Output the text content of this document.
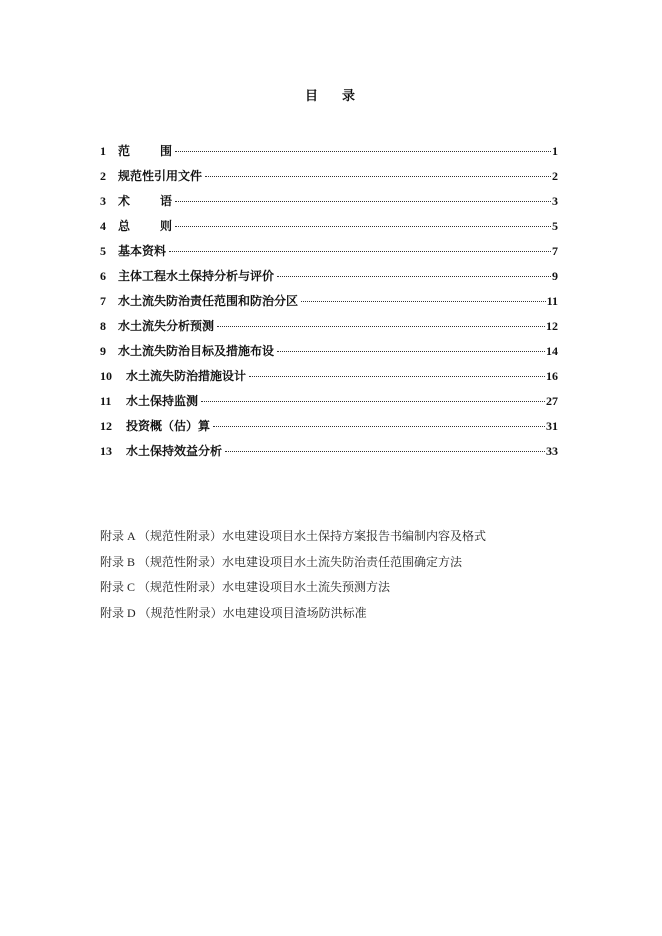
目 录
1	范	围	1
2	规范性引用文件	2
3	术	语	3
4	总	则	5
5	基本资料	7
6	主体工程水土保持分析与评价	9
7	水土流失防治责任范围和防治分区	11
8	水土流失分析预测	12
9	水土流失防治目标及措施布设	14
10	水土流失防治措施设计	16
11	水土保持监测	27
12	投资概（估）算	31
13	水土保持效益分析	33
附录 A （规范性附录）水电建设项目水土保持方案报告书编制内容及格式
附录 B （规范性附录）水电建设项目水土流失防治责任范围确定方法
附录 C （规范性附录）水电建设项目水土流失预测方法
附录 D （规范性附录）水电建设项目渣场防洪标准
